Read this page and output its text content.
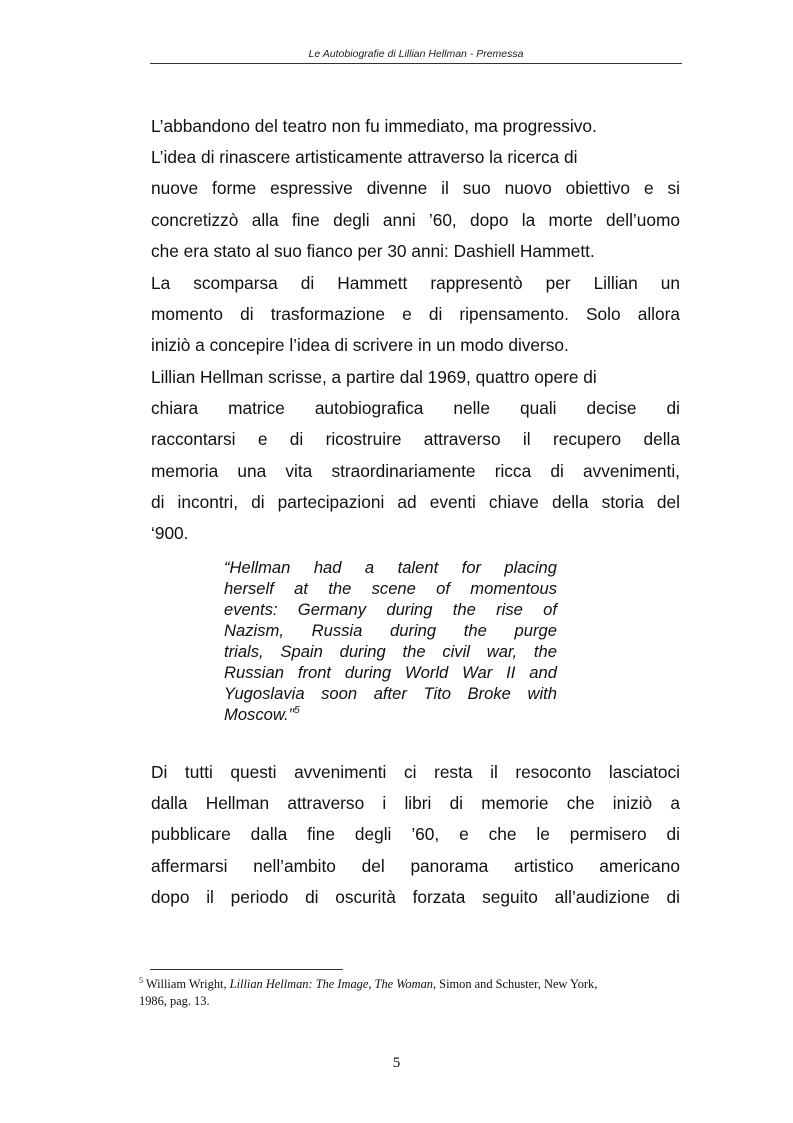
Le Autobiografie di Lillian Hellman - Premessa
L’abbandono del teatro non fu immediato, ma progressivo.
L’idea di rinascere artisticamente attraverso la ricerca di
nuove forme espressive divenne il suo nuovo obiettivo e si
concretizzò alla fine degli anni ’60, dopo la morte dell’uomo
che era stato al suo fianco per 30 anni: Dashiell Hammett.
La scomparsa di Hammett rappresentò per Lillian un
momento di trasformazione e di ripensamento. Solo allora
iniziò a concepire l’idea di scrivere in un modo diverso.
Lillian Hellman scrisse, a partire dal 1969, quattro opere di
chiara matrice autobiografica nelle quali decise di
raccontarsi e di ricostruire attraverso il recupero della
memoria una vita straordinariamente ricca di avvenimenti,
di incontri, di partecipazioni ad eventi chiave della storia del
‘900.
“Hellman had a talent for placing
herself at the scene of momentous
events: Germany during the rise of
Nazism, Russia during the purge
trials, Spain during the civil war, the
Russian front during World War II and
Yugoslavia soon after Tito Broke with
Moscow.”$^5$
Di tutti questi avvenimenti ci resta il resoconto lasciatoci
dalla Hellman attraverso i libri di memorie che iniziò a
pubblicare dalla fine degli ’60, e che le permisero di
affermarsi nell’ambito del panorama artistico americano
dopo il periodo di oscurità forzata seguito all’audizione di
$^5$ William Wright, Lillian Hellman: The Image, The Woman, Simon and Schuster, New York,
1986, pag. 13.
5
